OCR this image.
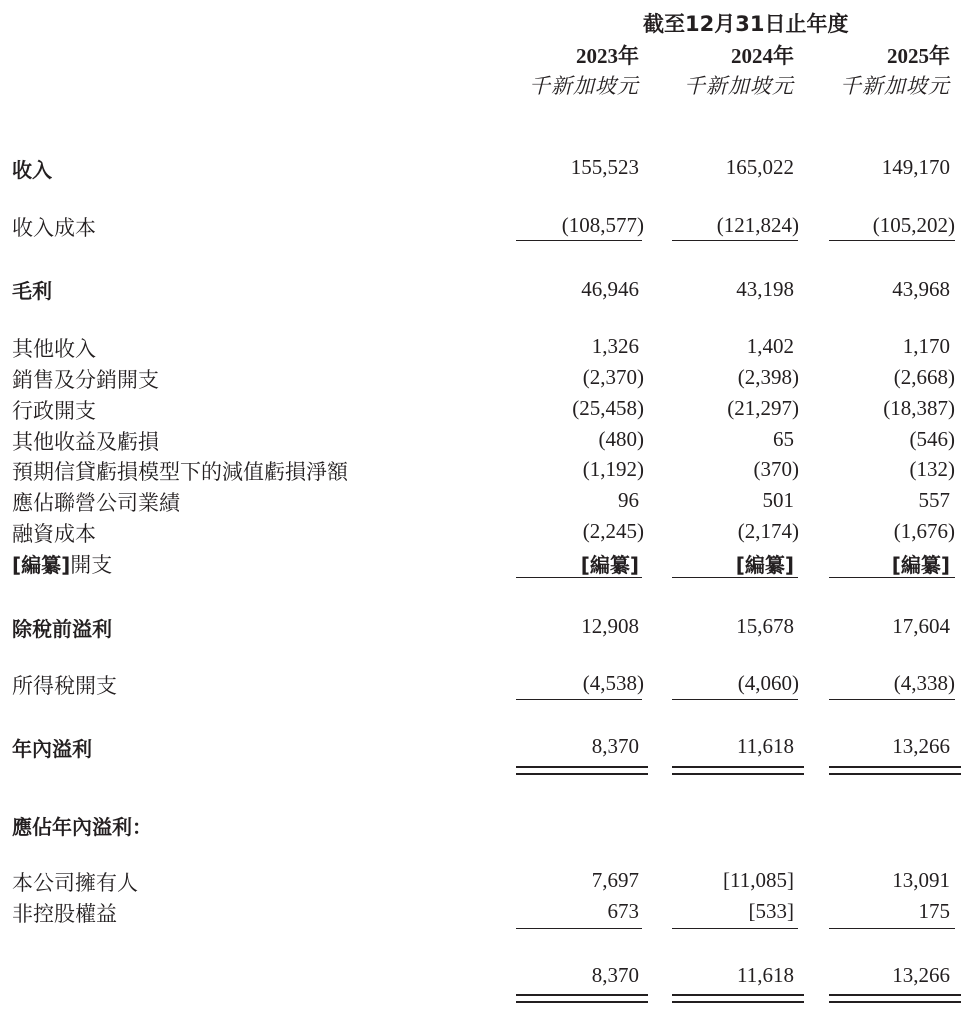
截至12月31日止年度
2023年	2024年	2025年
千新加坡元	千新加坡元	千新加坡元
收入	155,523	165,022	149,170
收入成本	(108,577)	(121,824)	(105,202)
毛利	46,946	43,198	43,968
其他收入	1,326	1,402	1,170
銷售及分銷開支	(2,370)	(2,398)	(2,668)
行政開支	(25,458)	(21,297)	(18,387)
其他收益及虧損	(480)	65	(546)
預期信貸虧損模型下的減值虧損淨額	(1,192)	(370)	(132)
應佔聯營公司業績	96	501	557
融資成本	(2,245)	(2,174)	(1,676)
[編纂]開支	[編纂]	[編纂]	[編纂]
除稅前溢利	12,908	15,678	17,604
所得稅開支	(4,538)	(4,060)	(4,338)
年內溢利	8,370	11,618	13,266
應佔年內溢利：
本公司擁有人	7,697	[11,085]	13,091
非控股權益	673	[533]	175
8,370	11,618	13,266
